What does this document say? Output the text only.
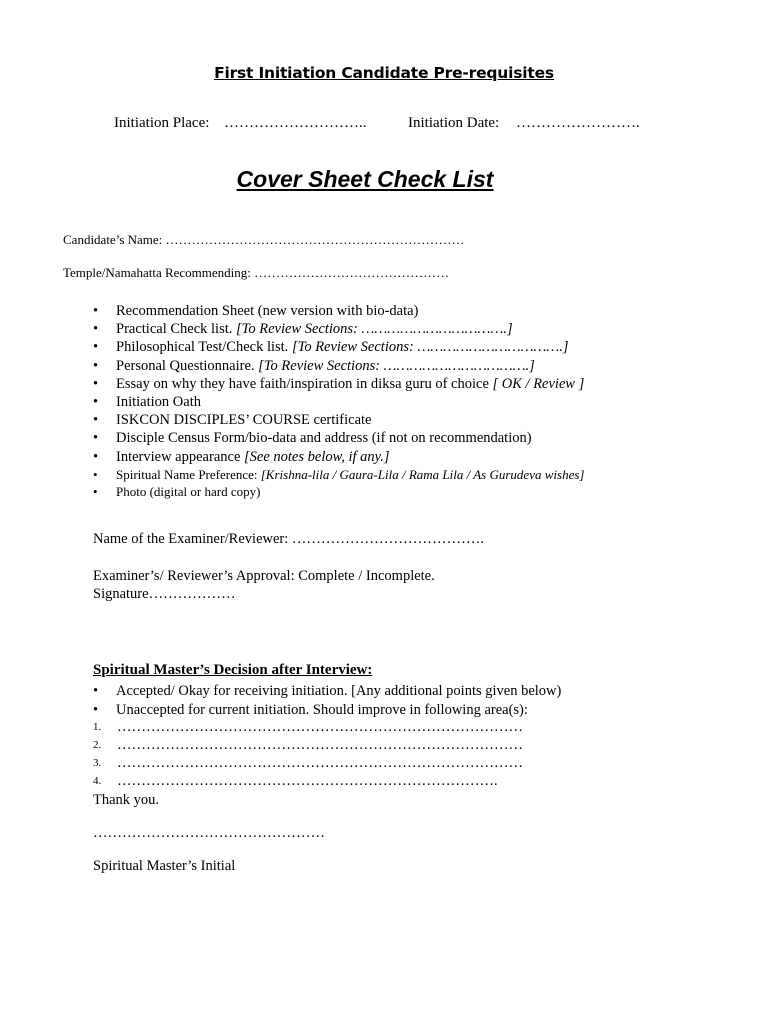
First Initiation Candidate Pre-requisites
Initiation Place: ………………………..	Initiation Date: …………………….
Cover Sheet Check List
Candidate’s Name: ……………………………………………………………
Temple/Namahatta Recommending: ………………………………………
•	Recommendation Sheet (new version with bio-data)
•	Practical Check list. [To Review Sections: …………………………….]
•	Philosophical Test/Check list. [To Review Sections: …………………………….]
•	Personal Questionnaire. [To Review Sections: …………………………….]
•	Essay on why they have faith/inspiration in diksa guru of choice [ OK / Review ]
•	Initiation Oath
•	ISKCON DISCIPLES’ COURSE certificate
•	Disciple Census Form/bio-data and address (if not on recommendation)
•	Interview appearance [See notes below, if any.]
•	Spiritual Name Preference: [Krishna-lila / Gaura-Lila / Rama Lila / As Gurudeva wishes]
•	Photo (digital or hard copy)
Name of the Examiner/Reviewer: ………………………………….
Examiner’s/ Reviewer’s Approval: Complete / Incomplete.
Signature………………
Spiritual Master’s Decision after Interview:
•	Accepted/ Okay for receiving initiation. [Any additional points given below)
•	Unaccepted for current initiation. Should improve in following area(s):
1. …………………………………………………………………………
2. …………………………………………………………………………
3. …………………………………………………………………………
4. …………………………………………………………………….
Thank you.
…………………………………………
Spiritual Master’s Initial
